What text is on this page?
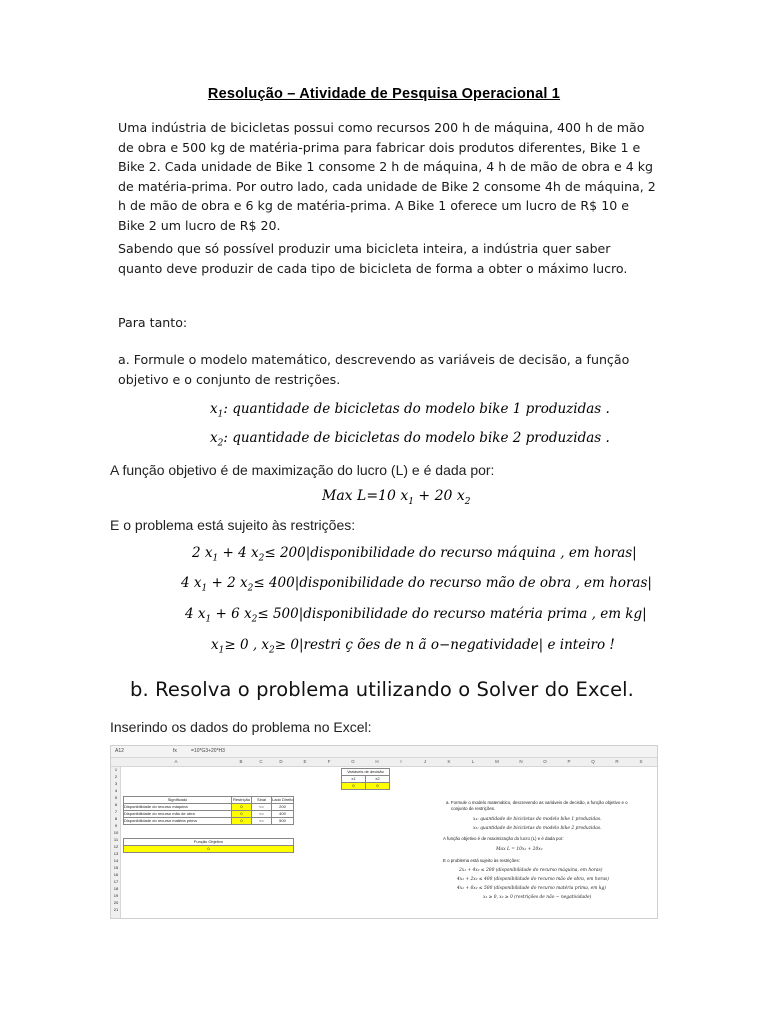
Resolução – Atividade de Pesquisa Operacional 1
Uma indústria de bicicletas possui como recursos 200 h de máquina, 400 h de mão de obra e 500 kg de matéria-prima para fabricar dois produtos diferentes, Bike 1 e Bike 2. Cada unidade de Bike 1 consome 2 h de máquina, 4 h de mão de obra e 4 kg de matéria-prima. Por outro lado, cada unidade de Bike 2 consome 4h de máquina, 2 h de mão de obra e 6 kg de matéria-prima. A Bike 1 oferece um lucro de R$ 10 e Bike 2 um lucro de R$ 20.
Sabendo que só possível produzir uma bicicleta inteira, a indústria quer saber quanto deve produzir de cada tipo de bicicleta de forma a obter o máximo lucro.
Para tanto:
a. Formule o modelo matemático, descrevendo as variáveis de decisão, a função objetivo e o conjunto de restrições.
$x_1$: quantidade de bicicletas do modelo bike 1 produzidas .
$x_2$: quantidade de bicicletas do modelo bike 2 produzidas .
A função objetivo é de maximização do lucro (L) e é dada por:
Max L=10 $x_1 + 20$ $x_2$
E o problema está sujeito às restrições:
2 $x_1 + 4$ $x_2\le$ 200|disponibilidade do recurso máquina , em horas|
4 $x_1 + 2$ $x_2\le$ 400|disponibilidade do recurso mão de obra , em horas|
4 $x_1 + 6$ $x_2\le$ 500|disponibilidade do recurso matéria prima , em kg|
$x_1\ge 0$ , $x_2\ge$ 0|restri ç ões de n ã o−negatividade| e inteiro !
b. Resolva o problema utilizando o Solver do Excel.
Inserindo os dados do problema no Excel:
A12	fx	=10*G3+20*H3
A	B	C	D	E	F	G	H	I	J	K	L	M	N	O	P	Q	R	S
1
2
3
4
5
6
7
8
9
10
11
12
13
14
15
16
17
18
19
20
21
Variáveis de decisão
x1	x2
0	0
Significado	Restrição	Sinal	Lado Direito
Disponibilidade do recurso máquina	0	<=	200
Disponibilidade do recurso mão de obra	0	<=	400
Disponibilidade do recurso matéria prima	0	<=	500
Função Objetivo
0
a. Formule o modelo matemático, descrevendo as variáveis de decisão, a função objetivo e o
conjunto de restrições.
x₁: quantidade de bicicletas do modelo bike 1 produzidas.
x₂: quantidade de bicicletas do modelo bike 2 produzidas.
A função objetivo é de maximização do lucro (L) e é dada por:
Max L = 10x₁ + 20x₂
E o problema está sujeito às restrições:
2x₁ + 4x₂ ≤ 200 (disponibilidade do recurso máquina, em horas)
4x₁ + 2x₂ ≤ 400 (disponibilidade do recurso mão de obra, em horas)
4x₁ + 6x₂ ≤ 500 (disponibilidade do recurso matéria prima, em kg)
x₁ ≥ 0, x₂ ≥ 0 (restrições de não − negatividade)
